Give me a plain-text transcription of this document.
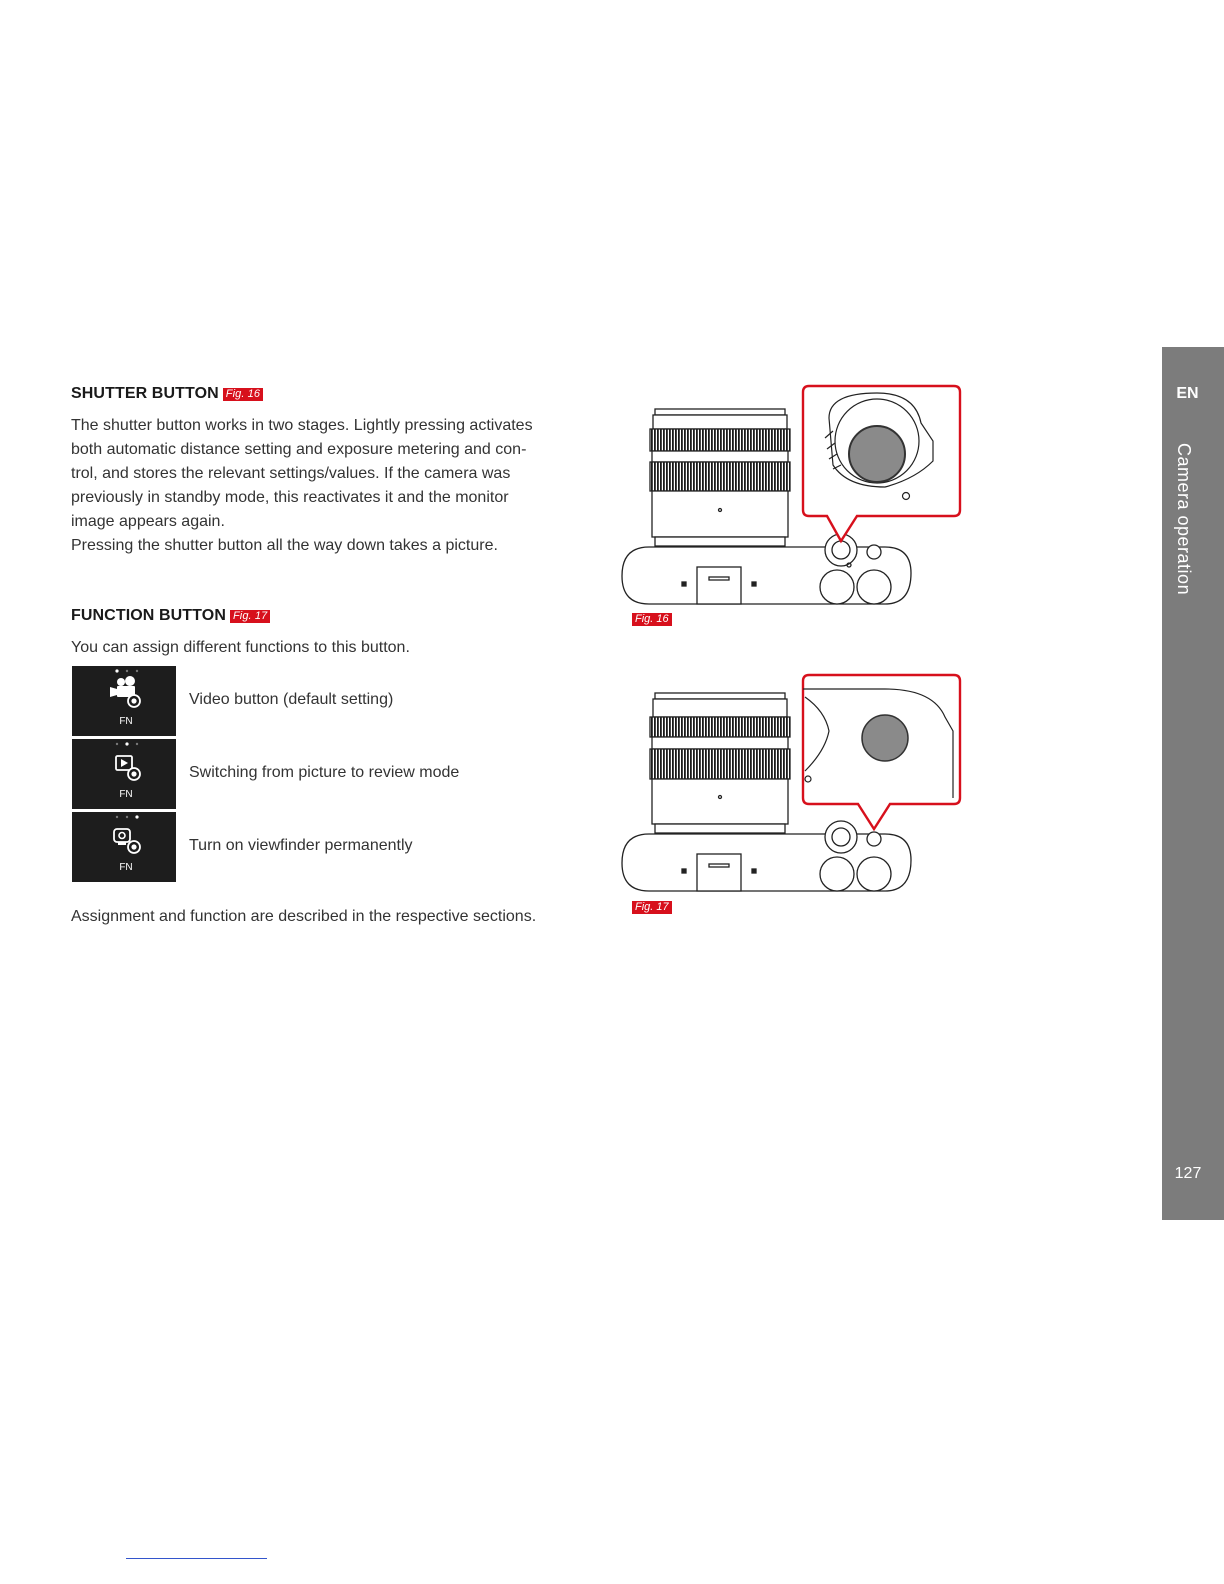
SHUTTER BUTTON Fig. 16

The shutter button works in two stages. Lightly pressing activates

both automatic distance setting and exposure metering and con-

trol, and stores the relevant settings/values. If the camera was

previously in standby mode, this reactivates it and the monitor

image appears again.

Pressing the shutter button all the way down takes a picture.

FUNCTION BUTTON Fig. 17
You can assign different functions to this button.
FN
Video button (default setting)
FN
Switching from picture to review mode
FN
Turn on viewfinder permanently
Assignment and function are described in the respective sections.
Fig. 16
Fig. 17
EN
Camera operation
127
